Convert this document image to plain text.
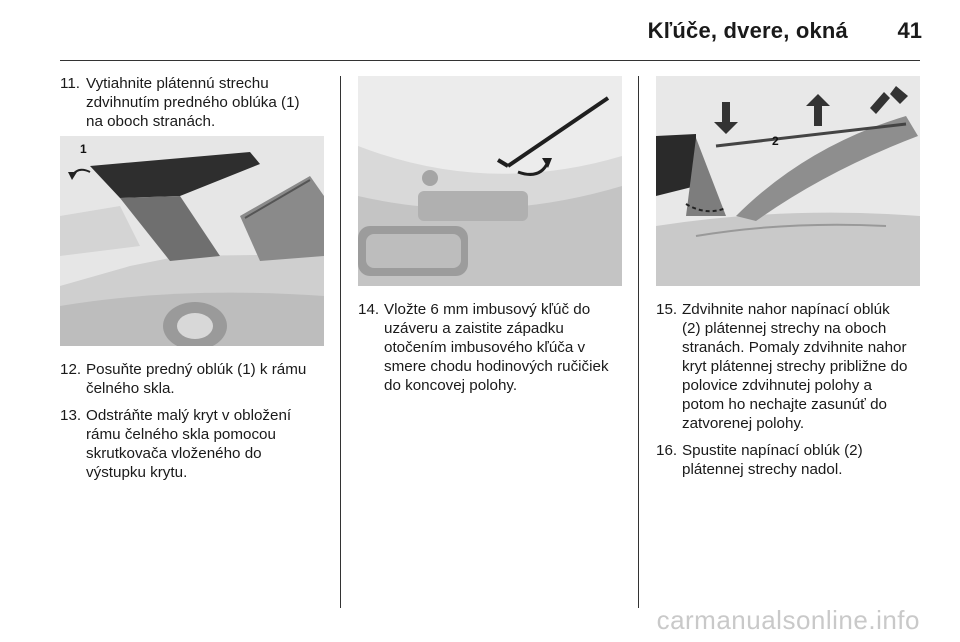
Kľúče, dvere, okná 41
11. Vytiahnite plátennú strechu
zdvihnutím predného oblúka (1)
na oboch stranách.
1
12. Posuňte predný oblúk (1) k rámu
čelného skla.
13. Odstráňte malý kryt v obložení
rámu čelného skla pomocou
skrutkovača vloženého do
výstupku krytu.
14. Vložte 6 mm imbusový kľúč do
uzáveru a zaistite západku
otočením imbusového kľúča v
smere chodu hodinových ručičiek
do koncovej polohy.
2
15. Zdvihnite nahor napínací oblúk
(2) plátennej strechy na oboch
stranách. Pomaly zdvihnite nahor
kryt plátennej strechy približne do
polovice zdvihnutej polohy a
potom ho nechajte zasunúť do
zatvorenej polohy.
16. Spustite napínací oblúk (2)
plátennej strechy nadol.
carmanualsonline.info
